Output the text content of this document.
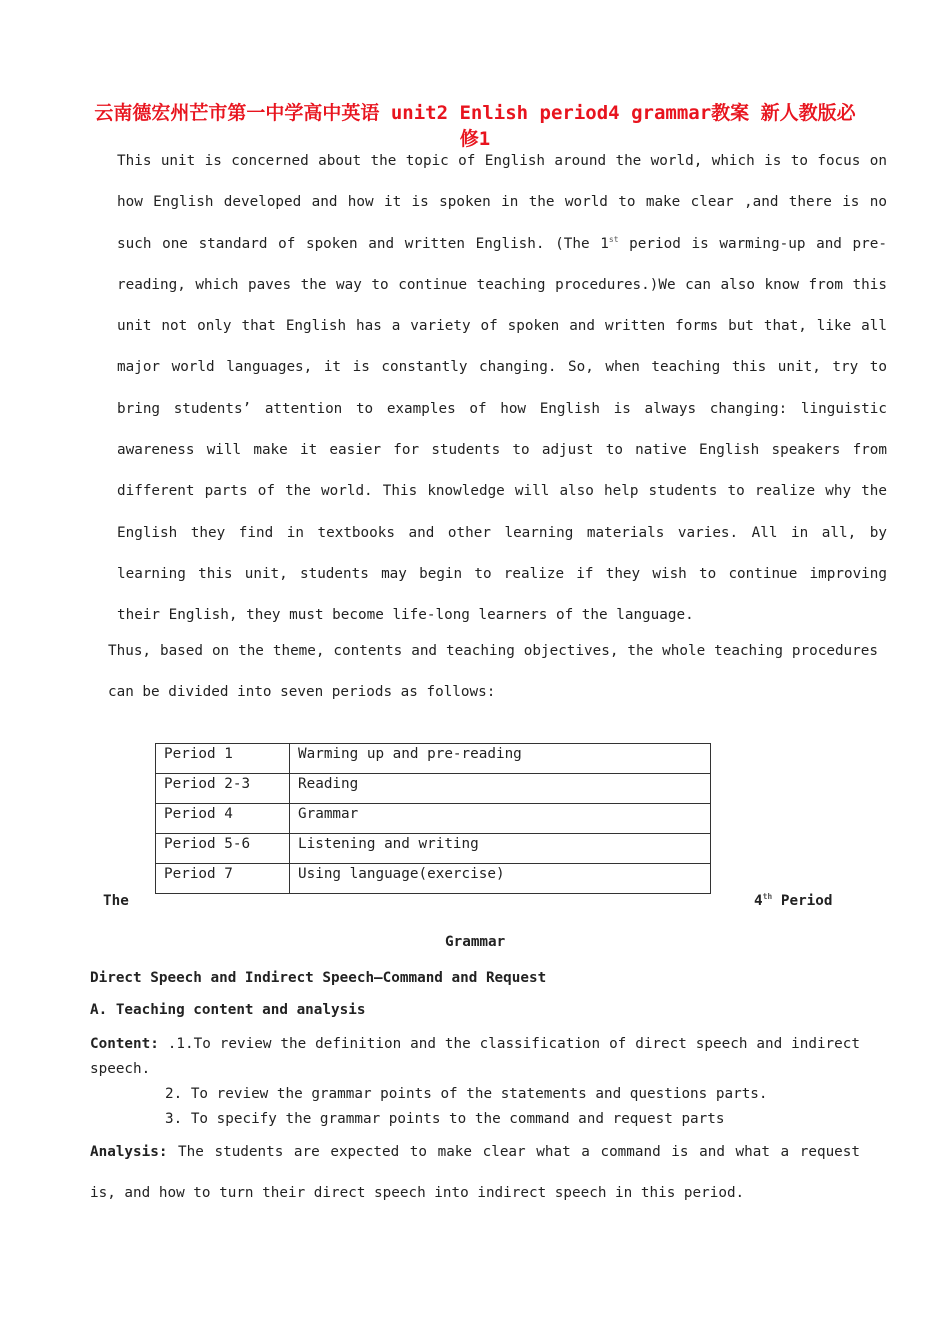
云南德宏州芒市第一中学高中英语 unit2 Enlish period4 grammar教案 新人教版必修1
This unit is concerned about the topic of English around the world, which is to focus on how English developed and how it is spoken in the world to make clear ,and there is no such one standard of spoken and written English. (The 1st period is warming-up and pre-reading, which paves the way to continue teaching procedures.)We can also know from this unit not only that English has a variety of spoken and written forms but that, like all major world languages, it is constantly changing. So, when teaching this unit, try to bring students’ attention to examples of how English is always changing: linguistic awareness will make it easier for students to adjust to native English speakers from different parts of the world. This knowledge will also help students to realize why the English they find in textbooks and other learning materials varies. All in all, by learning this unit, students may begin to realize if they wish to continue improving their English, they must become life-long learners of the language.
Thus, based on the theme, contents and teaching objectives, the whole teaching procedures can be divided into seven periods as follows:
Period 1	Warming up and pre-reading
Period 2-3	Reading
Period 4	Grammar
Period 5-6	Listening and writing
Period 7	Using language(exercise)
The	4th Period
Grammar
Direct Speech and Indirect Speech—Command and Request
A. Teaching content and analysis
Content: .1.To review the definition and the classification of direct speech and indirect speech.
2. To review the grammar points of the statements and questions parts.
3. To specify the grammar points to the command and request parts
Analysis: The students are expected to make clear what a command is and what a request is, and how to turn their direct speech into indirect speech in this period.
